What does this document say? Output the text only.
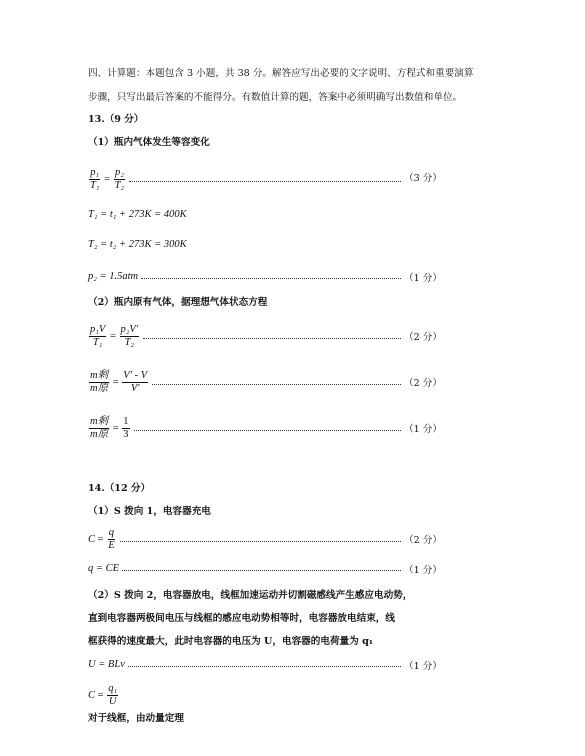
四、计算题：本题包含 3 小题，共 38 分。解答应写出必要的文字说明、方程式和重要演算
步骤，只写出最后答案的不能得分。有数值计算的题，答案中必须明确写出数值和单位。
13.（9 分）
（1）瓶内气体发生等容变化
$\frac{\text{p₁}}{\text{T₁}} = \frac{\text{p₂}}{\text{T₂}}$	（3 分）
T₁ = t₁ + 273K = 400K
T₂ = t₂ + 273K = 300K
p₂ = 1.5atm	（1 分）
（2）瓶内原有气体，据理想气体状态方程
$\frac{\text{p₁V}}{\text{T₁}} = \frac{\text{p₂V′}}{\text{T₂}}$	（2 分）
$\frac{\text{m剩}}{\text{m原}} = \frac{V' - V}{V'}$	（2 分）
$\frac{\text{m剩}}{\text{m原}} = \frac{1}{3}$	（1 分）
14.（12 分）
（1）S 拨向 1，电容器充电
$C = \frac{q}{E}$	（2 分）
q = CE	（1 分）
（2）S 拨向 2，电容器放电，线框加速运动并切割磁感线产生感应电动势，
直到电容器两极间电压与线框的感应电动势相等时，电容器放电结束，线
框获得的速度最大，此时电容器的电压为 U，电容器的电荷量为 q₁
U = BLv	（1 分）
$C = \frac{\text{q₁}}{U}$
对于线框，由动量定理
